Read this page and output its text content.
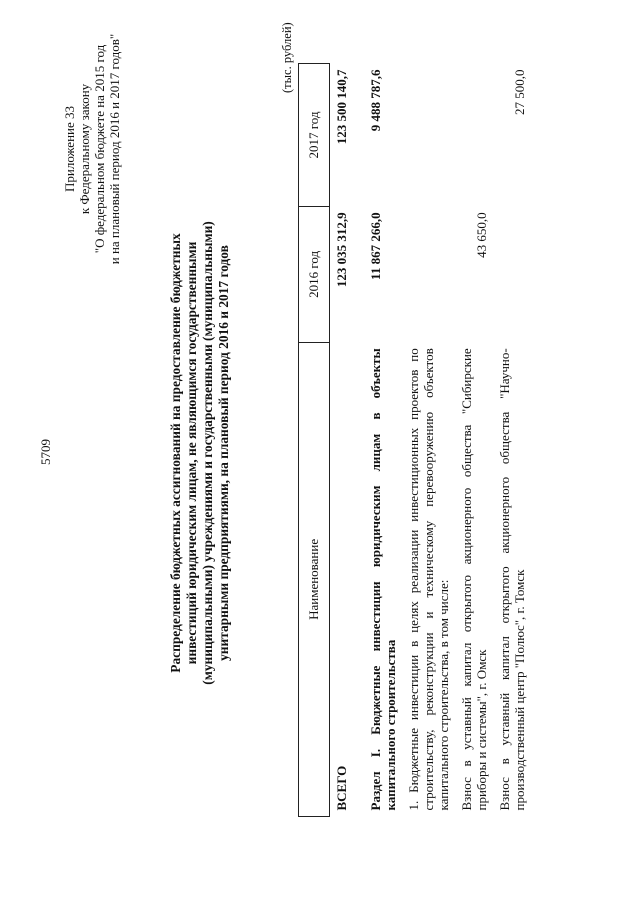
5709
Приложение 33 к Федеральному закону "О федеральном бюджете на 2015 год и на плановый период 2016 и 2017 годов"
Распределение бюджетных ассигнований на предоставление бюджетных инвестиций юридическим лицам, не являющимся государственными (муниципальными) учреждениями и государственными (муниципальными) унитарными предприятиями, на плановый период 2016 и 2017 годов
(тыс. рублей)
Наименование	2016 год	2017 год
ВСЕГО	123 035 312,9	123 500 140,7
Раздел I. Бюджетные инвестиции юридическим лицам в объекты капитального строительства	11 867 266,0	9 488 787,6
1. Бюджетные инвестиции в целях реализации инвестиционных проектов по строительству, реконструкции и техническому перевооружению объектов капитального строительства, в том числе:		
Взнос в уставный капитал открытого акционерного общества "Сибирские приборы и системы", г. Омск	43 650,0	
Взнос в уставный капитал открытого акционерного общества "Научно-производственный центр "Полюс", г. Томск		27 500,0
